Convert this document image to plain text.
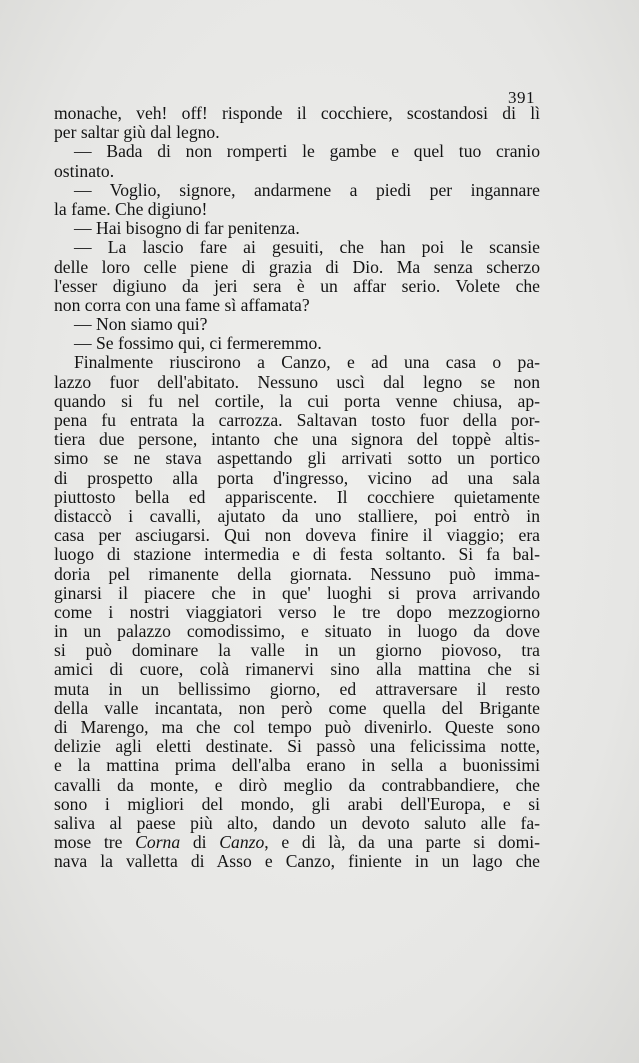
391
monache, veh! off! risponde il cocchiere, scostandosi di lì
per saltar giù dal legno.
— Bada di non romperti le gambe e quel tuo cranio
ostinato.
— Voglio, signore, andarmene a piedi per ingannare
la fame. Che digiuno!
— Hai bisogno di far penitenza.
— La lascio fare ai gesuiti, che han poi le scansie
delle loro celle piene di grazia di Dio. Ma senza scherzo
l'esser digiuno da jeri sera è un affar serio. Volete che
non corra con una fame sì affamata?
— Non siamo qui?
— Se fossimo qui, ci fermeremmo.
Finalmente riuscirono a Canzo, e ad una casa o pa-
lazzo fuor dell'abitato. Nessuno uscì dal legno se non
quando si fu nel cortile, la cui porta venne chiusa, ap-
pena fu entrata la carrozza. Saltavan tosto fuor della por-
tiera due persone, intanto che una signora del toppè altis-
simo se ne stava aspettando gli arrivati sotto un portico
di prospetto alla porta d'ingresso, vicino ad una sala
piuttosto bella ed appariscente. Il cocchiere quietamente
distaccò i cavalli, ajutato da uno stalliere, poi entrò in
casa per asciugarsi. Qui non doveva finire il viaggio; era
luogo di stazione intermedia e di festa soltanto. Si fa bal-
doria pel rimanente della giornata. Nessuno può imma-
ginarsi il piacere che in que' luoghi si prova arrivando
come i nostri viaggiatori verso le tre dopo mezzogiorno
in un palazzo comodissimo, e situato in luogo da dove
si può dominare la valle in un giorno piovoso, tra
amici di cuore, colà rimanervi sino alla mattina che si
muta in un bellissimo giorno, ed attraversare il resto
della valle incantata, non però come quella del Brigante
di Marengo, ma che col tempo può divenirlo. Queste sono
delizie agli eletti destinate. Si passò una felicissima notte,
e la mattina prima dell'alba erano in sella a buonissimi
cavalli da monte, e dirò meglio da contrabbandiere, che
sono i migliori del mondo, gli arabi dell'Europa, e si
saliva al paese più alto, dando un devoto saluto alle fa-
mose tre Corna di Canzo, e di là, da una parte si domi-
nava la valletta di Asso e Canzo, finiente in un lago che
